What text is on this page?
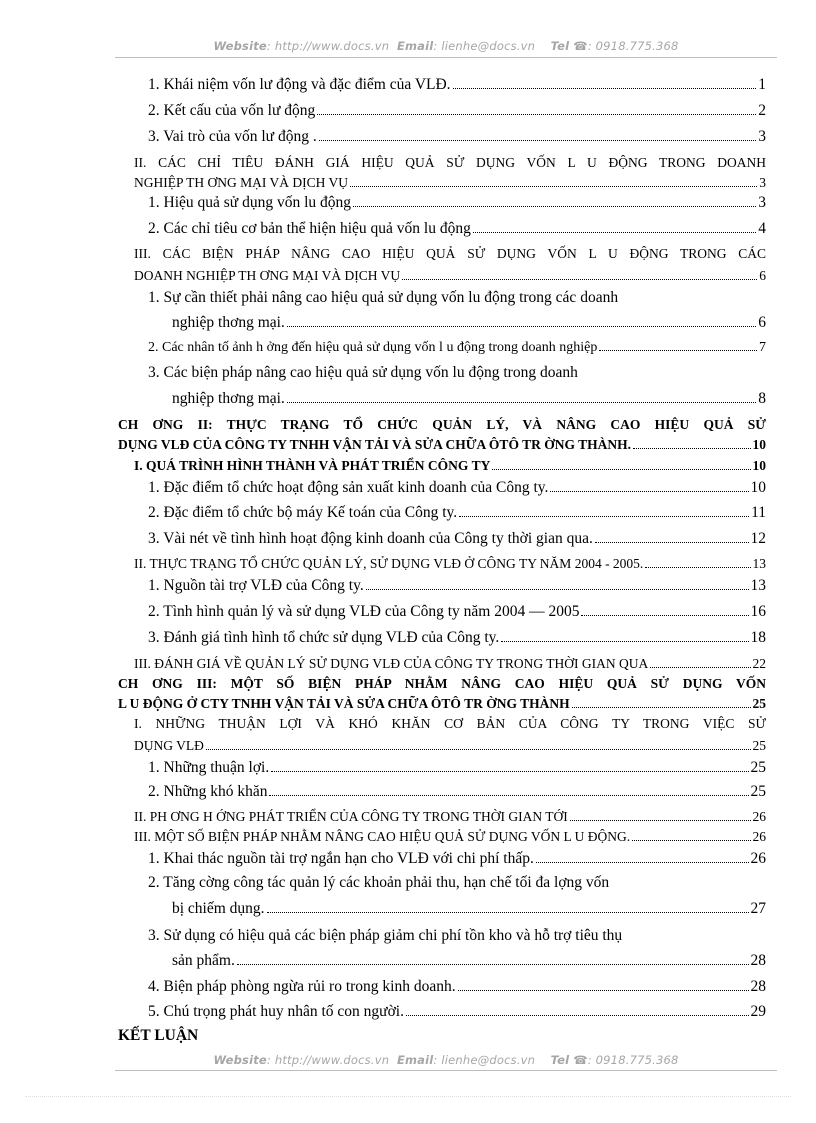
Website: http://www.docs.vn Email: lienhe@docs.vn Tel ☎: 0918.775.368
1. Khái niệm vốn lư động và đặc điểm của VLĐ.	1
2. Kết cấu của vốn lư động	2
3. Vai trò của vốn lư động .	3
II. CÁC CHỈ TIÊU ĐÁNH GIÁ HIỆU QUẢ SỬ DỤNG VỐN L U ĐỘNG TRONG DOANH
NGHIỆP TH ƠNG MẠI VÀ DỊCH VỤ	3
1. Hiệu quả sử dụng vốn lu động	3
2. Các chỉ tiêu cơ bản thể hiện hiệu quả vốn lu động	4
III. CÁC BIỆN PHÁP NÂNG CAO HIỆU QUẢ SỬ DỤNG VỐN L U ĐỘNG TRONG CÁC
DOANH NGHIỆP TH ƠNG MẠI VÀ DỊCH VỤ	6
1. Sự cần thiết phải nâng cao hiệu quả sử dụng vốn lu động trong các doanh
nghiệp thơng mại.	6
2. Các nhân tố ảnh h ởng đến hiệu quả sử dụng vốn l u động trong doanh nghiệp	7
3. Các biện pháp nâng cao hiệu quả sử dụng vốn lu động trong doanh
nghiệp thơng mại.	8
CH ƠNG II: THỰC TRẠNG TỔ CHỨC QUẢN LÝ, VÀ NÂNG CAO HIỆU QUẢ SỬ
DỤNG VLĐ CỦA CÔNG TY TNHH VẬN TẢI VÀ SỬA CHỮA ÔTÔ TR ỜNG THÀNH.	10
I. QUÁ TRÌNH HÌNH THÀNH VÀ PHÁT TRIỂN CÔNG TY	10
1. Đặc điểm tổ chức hoạt động sản xuất kinh doanh của Công ty.	10
2. Đặc điểm tổ chức bộ máy Kế toán của Công ty.	11
3. Vài nét về tình hình hoạt động kinh doanh của Công ty thời gian qua.	12
II. THỰC TRẠNG TỔ CHỨC QUẢN LÝ, SỬ DỤNG VLĐ Ở CÔNG TY NĂM 2004 - 2005.	13
1. Nguồn tài trợ VLĐ của Công ty.	13
2. Tình hình quản lý và sử dụng VLĐ của Công ty năm 2004 — 2005	16
3. Đánh giá tình hình tổ chức sử dụng VLĐ của Công ty.	18
III. ĐÁNH GIÁ VỀ QUẢN LÝ SỬ DỤNG VLĐ CỦA CÔNG TY TRONG THỜI GIAN QUA	22
CH ƠNG III: MỘT SỐ BIỆN PHÁP NHẰM NÂNG CAO HIỆU QUẢ SỬ DỤNG VỐN
L U ĐỘNG Ở CTY TNHH VẬN TẢI VÀ SỬA CHỮA ÔTÔ TR ỜNG THÀNH	25
I. NHỮNG THUẬN LỢI VÀ KHÓ KHĂN CƠ BẢN CỦA CÔNG TY TRONG VIỆC SỬ
DỤNG VLĐ	25
1. Những thuận lợi.	25
2. Những khó khăn	25
II. PH ƠNG H ỚNG PHÁT TRIỂN CỦA CÔNG TY TRONG THỜI GIAN TỚI	26
III. MỘT SỐ BIỆN PHÁP NHẰM NÂNG CAO HIỆU QUẢ SỬ DỤNG VỐN L U ĐỘNG.	26
1. Khai thác nguồn tài trợ ngắn hạn cho VLĐ với chi phí thấp.	26
2. Tăng cờng công tác quản lý các khoản phải thu, hạn chế tối đa lợng vốn
bị chiếm dụng.	27
3. Sử dụng có hiệu quả các biện pháp giảm chi phí tồn kho và hỗ trợ tiêu thụ
sản phẩm.	28
4. Biện pháp phòng ngừa rủi ro trong kinh doanh.	28
5. Chú trọng phát huy nhân tố con người.	29
KẾT LUẬN
Website: http://www.docs.vn Email: lienhe@docs.vn Tel ☎: 0918.775.368
